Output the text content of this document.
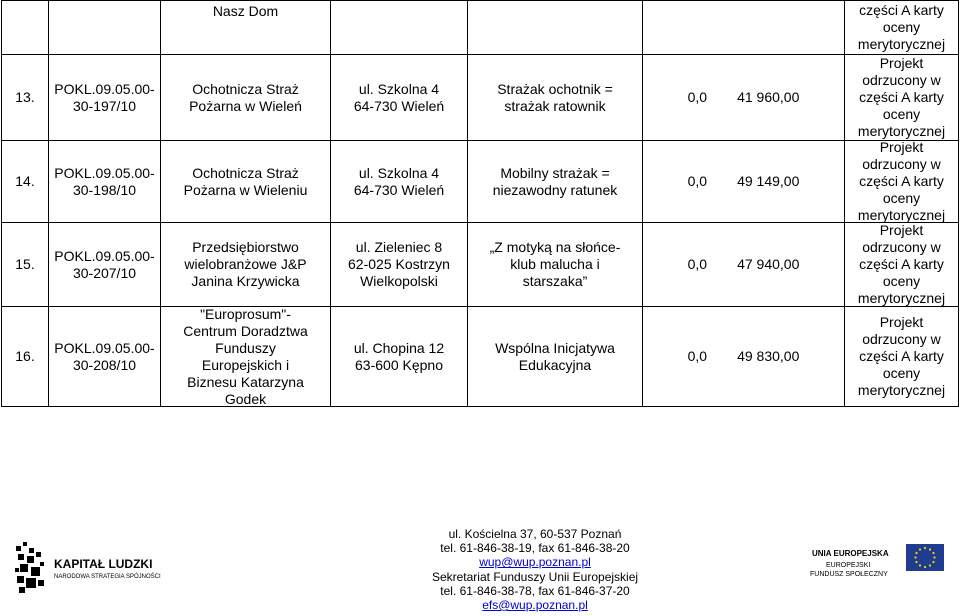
Nasz Dom	części A karty
oceny
merytorycznej
13.
POKL.09.05.00-
30-197/10
Ochotnicza Straż
Pożarna w Wieleń
ul. Szkolna 4
64-730 Wieleń
Strażak ochotnik =
strażak ratownik
0,0 41 960,00
Projekt
odrzucony w
części A karty
oceny
merytorycznej
14.
POKL.09.05.00-
30-198/10
Ochotnicza Straż
Pożarna w Wieleniu
ul. Szkolna 4
64-730 Wieleń
Mobilny strażak =
niezawodny ratunek
0,0 49 149,00
Projekt
odrzucony w
części A karty
oceny
merytorycznej
15.
POKL.09.05.00-
30-207/10
Przedsiębiorstwo
wielobranżowe J&P
Janina Krzywicka
ul. Zieleniec 8
62-025 Kostrzyn
Wielkopolski
„Z motyką na słońce-
klub malucha i
starszaka”
0,0 47 940,00
Projekt
odrzucony w
części A karty
oceny
merytorycznej
16.
POKL.09.05.00-
30-208/10
"Europrosum"-
Centrum Doradztwa
Funduszy
Europejskich i
Biznesu Katarzyna
Godek
ul. Chopina 12
63-600 Kępno
Wspólna Inicjatywa
Edukacyjna
0,0 49 830,00
Projekt
odrzucony w
części A karty
oceny
merytorycznej
KAPITAŁ LUDZKI
NARODOWA STRATEGIA SPÓJNOŚCI
ul. Kościelna 37, 60-537 Poznań
tel. 61-846-38-19, fax 61-846-38-20
wup@wup.poznan.pl
Sekretariat Funduszy Unii Europejskiej
tel. 61-846-38-78, fax 61-846-37-20
efs@wup.poznan.pl
UNIA EUROPEJSKA
EUROPEJSKI
FUNDUSZ SPOŁECZNY
